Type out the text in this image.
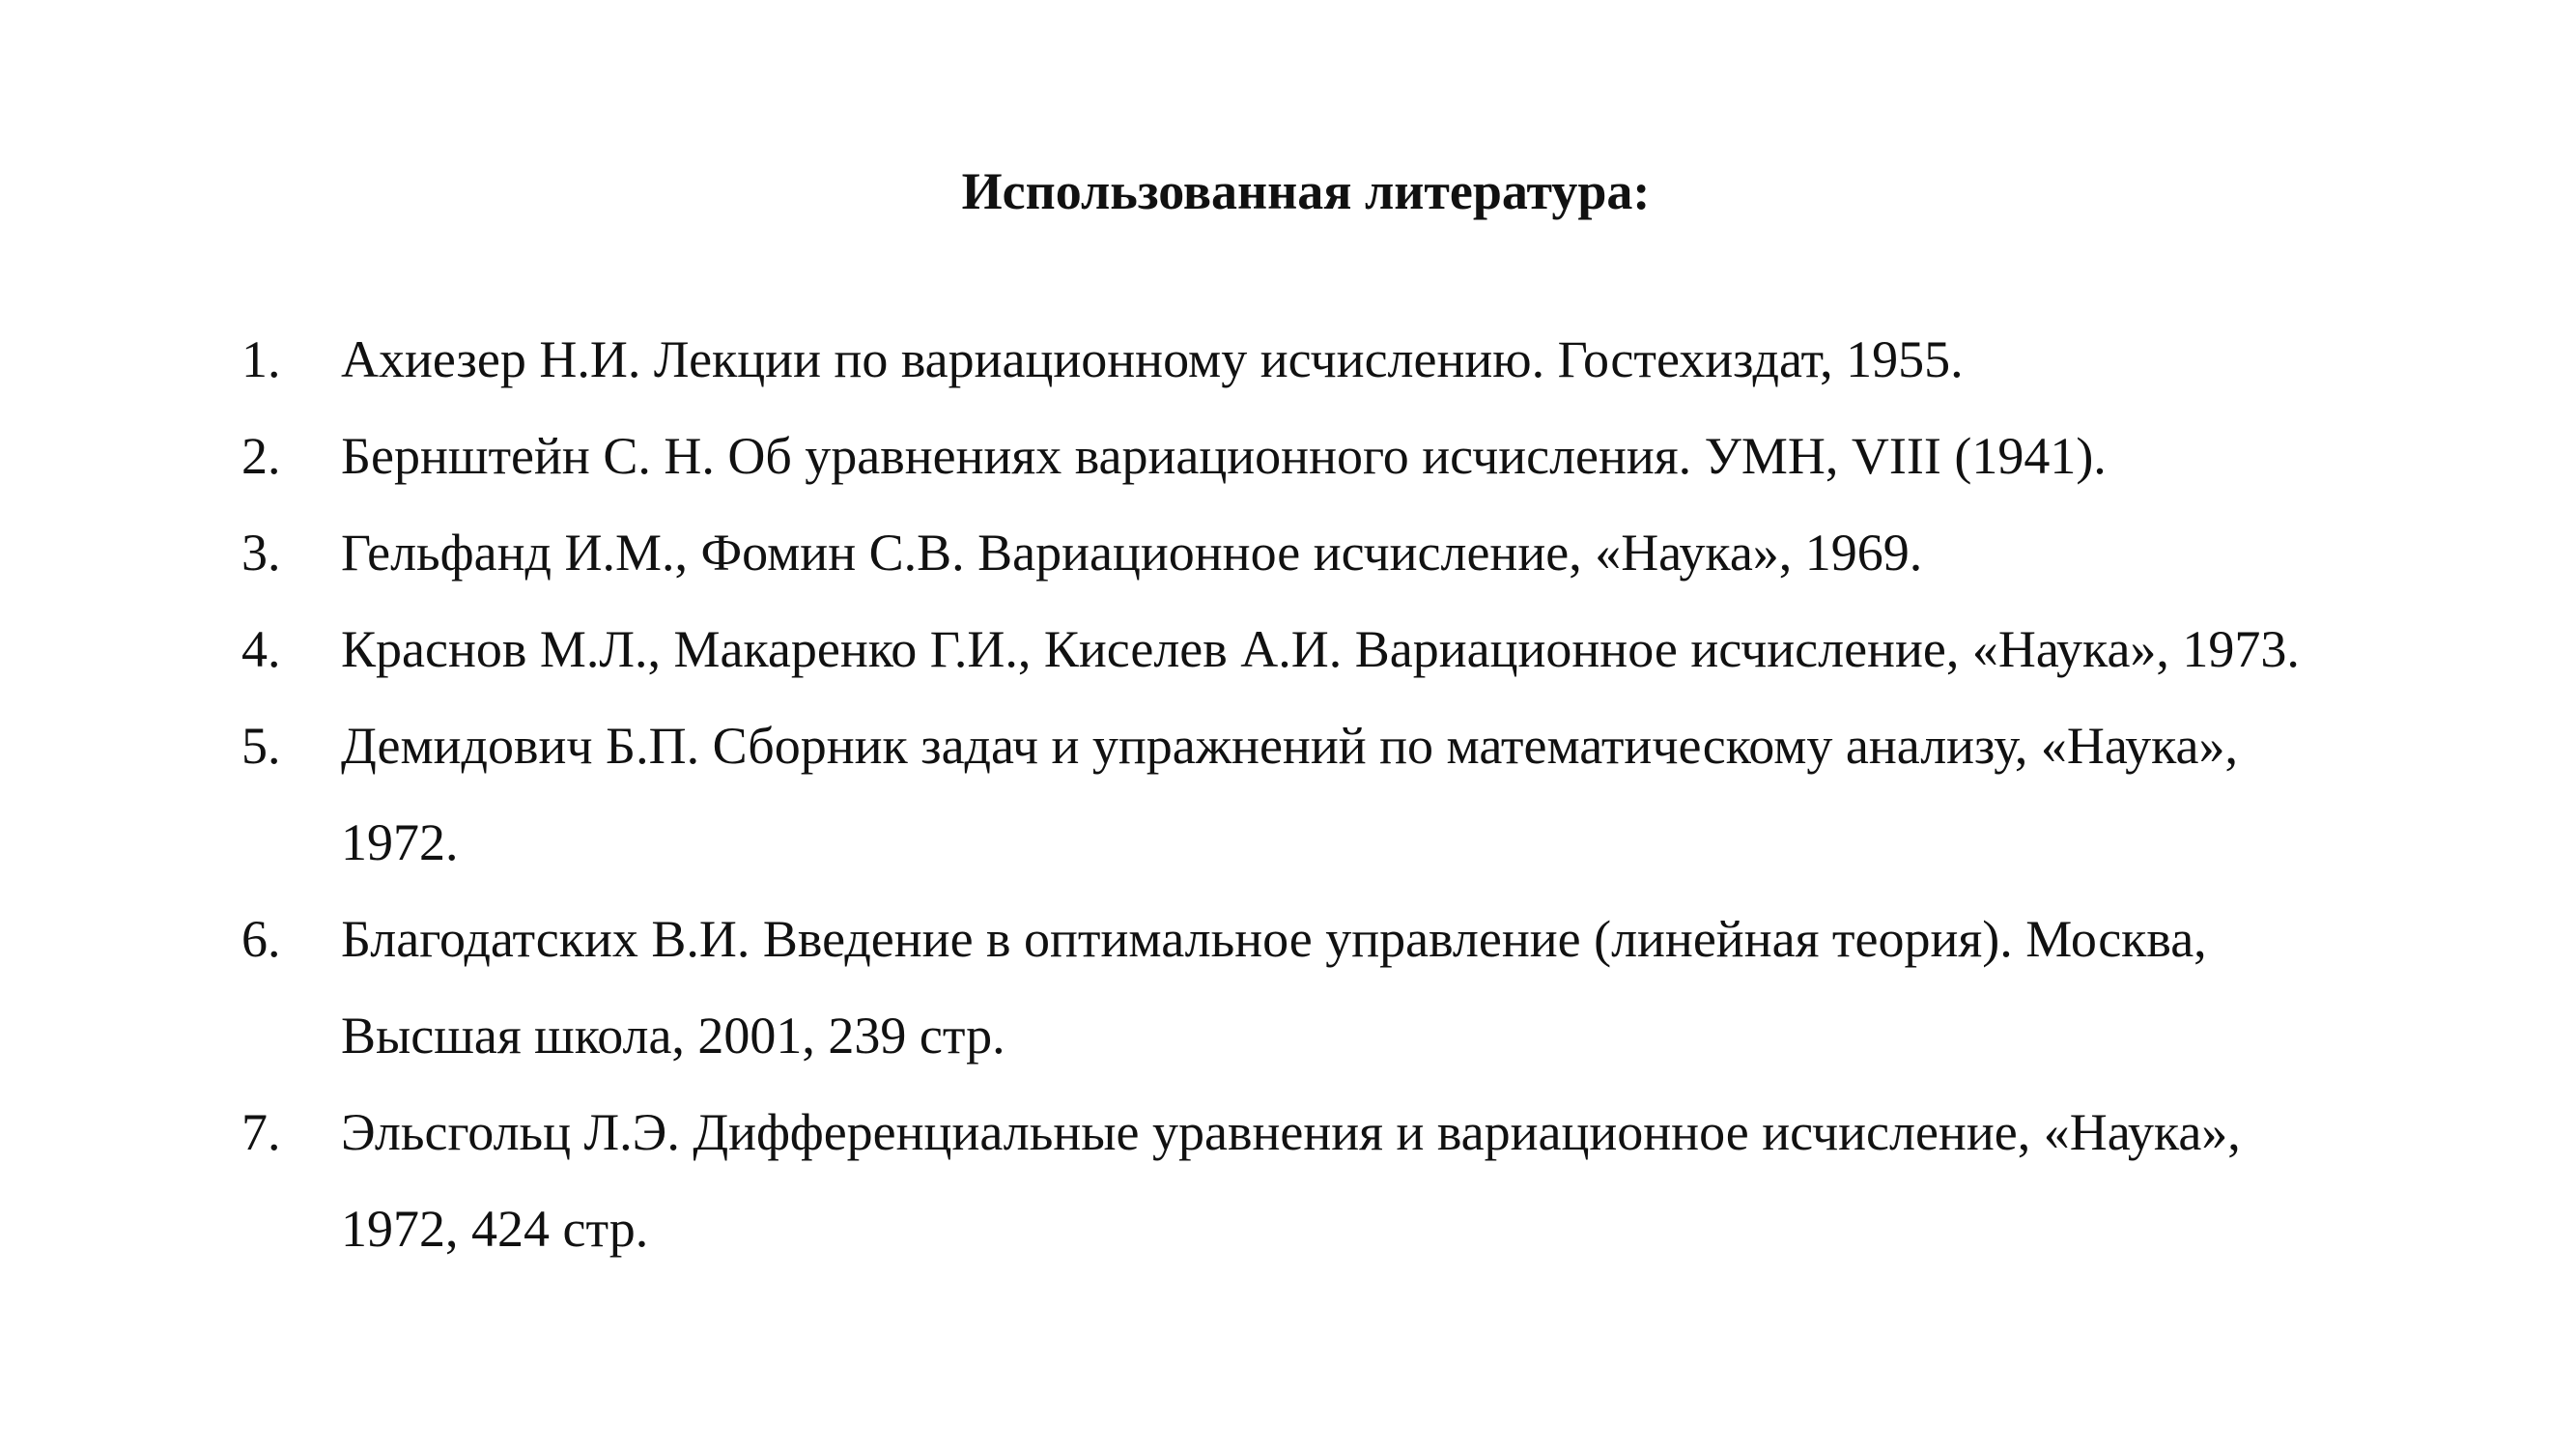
Использованная литература:
1.	Ахиезер Н.И. Лекции по вариационному исчислению. Гостехиздат, 1955.
2.	Бернштейн С. Н. Об уравнениях вариационного исчисления. УМН, VIII (1941).
3.	Гельфанд И.М., Фомин С.В. Вариационное исчисление, «Наука», 1969.
4.	Краснов М.Л., Макаренко Г.И., Киселев А.И. Вариационное исчисление, «Наука», 1973.
5.	Демидович Б.П. Сборник задач и упражнений по математическому анализу, «Наука»,
1972.
6.	Благодатских В.И. Введение в оптимальное управление (линейная теория). Москва,
Высшая школа, 2001, 239 стр.
7.	Эльсгольц Л.Э. Дифференциальные уравнения и вариационное исчисление, «Наука»,
1972, 424 стр.
